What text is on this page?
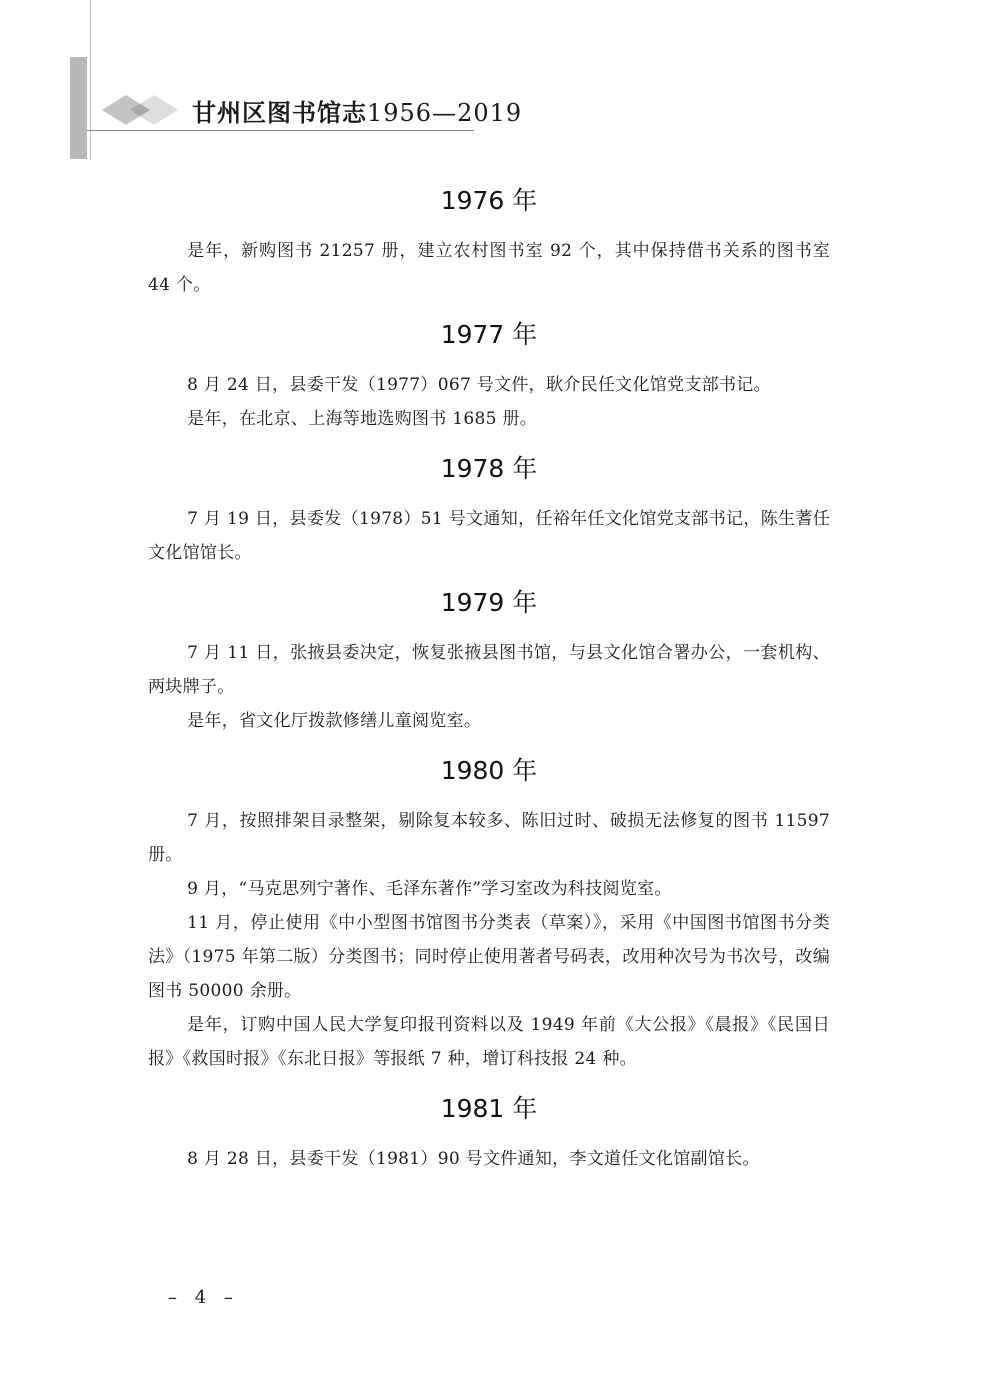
甘州区图书馆志1956—2019
1976 年

是年，新购图书 21257 册，建立农村图书室 92 个，其中保持借书关系的图书室 44 个。

1977 年

8 月 24 日，县委干发（1977）067 号文件，耿介民任文化馆党支部书记。

是年，在北京、上海等地选购图书 1685 册。

1978 年

7 月 19 日，县委发（1978）51 号文通知，任裕年任文化馆党支部书记，陈生蓍任文化馆馆长。

1979 年

7 月 11 日，张掖县委决定，恢复张掖县图书馆，与县文化馆合署办公，一套机构、两块牌子。

是年，省文化厅拨款修缮儿童阅览室。

1980 年

7 月，按照排架目录整架，剔除复本较多、陈旧过时、破损无法修复的图书 11597 册。

9 月，“马克思列宁著作、毛泽东著作”学习室改为科技阅览室。

11 月，停止使用《中小型图书馆图书分类表（草案）》，采用《中国图书馆图书分类法》（1975 年第二版）分类图书；同时停止使用著者号码表，改用种次号为书次号，改编图书 50000 余册。

是年，订购中国人民大学复印报刊资料以及 1949 年前《大公报》《晨报》《民国日报》《救国时报》《东北日报》等报纸 7 种，增订科技报 24 种。

1981 年

8 月 28 日，县委干发（1981）90 号文件通知，李文道任文化馆副馆长。

– 4 –
